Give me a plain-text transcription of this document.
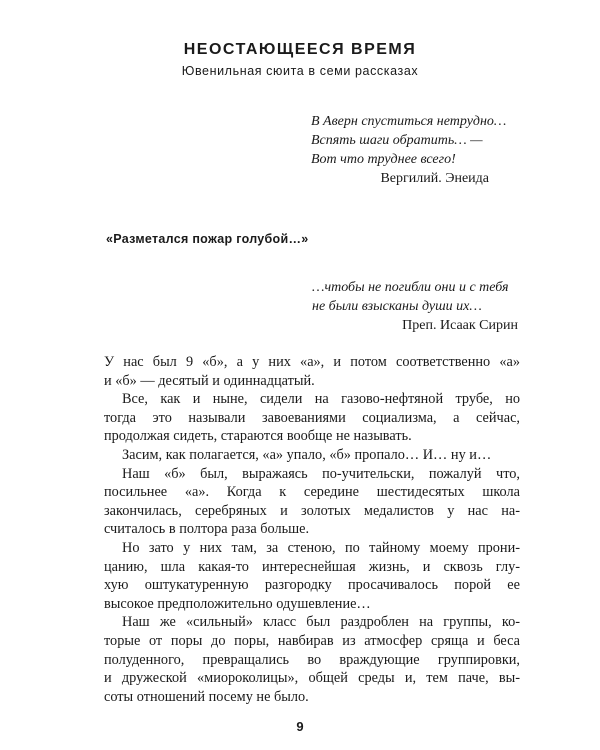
НЕОСТАЮЩЕЕСЯ ВРЕМЯ
Ювенильная сюита в семи рассказах
В Аверн спуститься нетрудно…
Вспять шаги обратить… —
Вот что труднее всего!
Вергилий. Энеида
«Разметался пожар голубой…»
…чтобы не погибли они и с тебя
не были взысканы души их…
Преп. Исаак Сирин
У нас был 9 «б», а у них «а», и потом соответственно «а»
и «б» — десятый и одиннадцатый.
Все, как и ныне, сидели на газово-нефтяной трубе, но
тогда это называли завоеваниями социализма, а сейчас,
продолжая сидеть, стараются вообще не называть.
Засим, как полагается, «а» упало, «б» пропало… И… ну и…
Наш «б» был, выражаясь по-учительски, пожалуй что,
посильнее «а». Когда к середине шестидесятых школа
закончилась, серебряных и золотых медалистов у нас на-
считалось в полтора раза больше.
Но зато у них там, за стеною, по тайному моему прони-
цанию, шла какая-то интереснейшая жизнь, и сквозь глу-
хую оштукатуренную разгородку просачивалось порой ее
высокое предположительно одушевление…
Наш же «сильный» класс был раздроблен на группы, ко-
торые от поры до поры, навбирав из атмосфер сряща и беса
полуденного, превращались во враждующие группировки,
и дружеской «миороколицы», общей среды и, тем паче, вы-
соты отношений посему не было.
9
